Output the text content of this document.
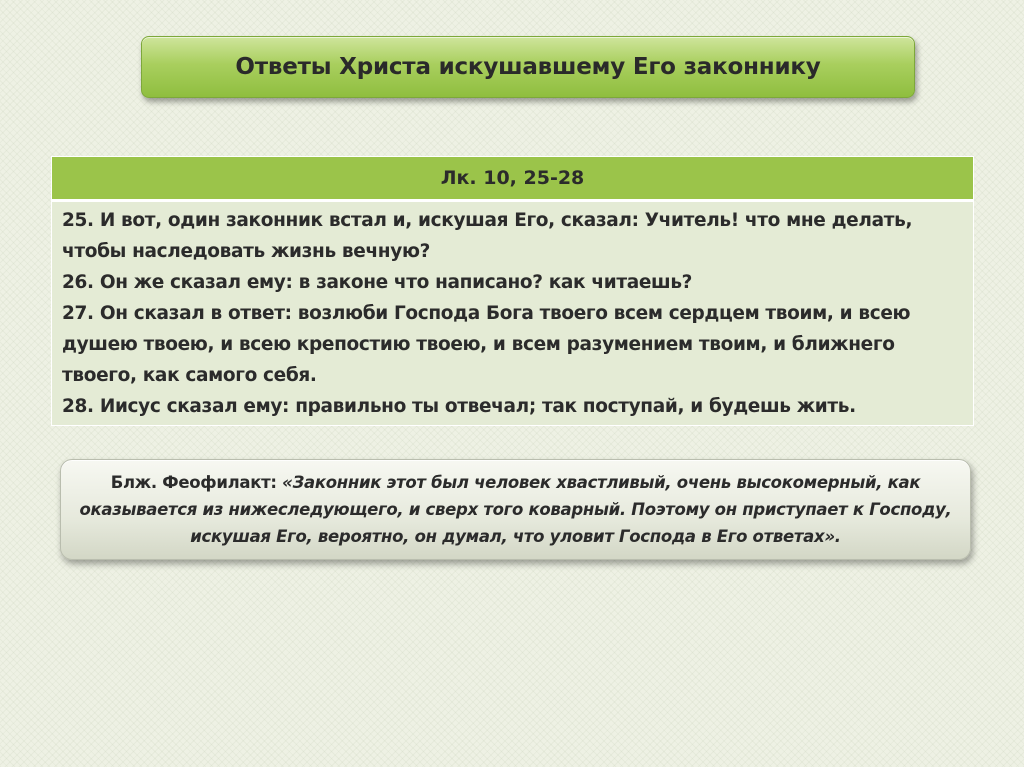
Ответы Христа искушавшему Его законнику
Лк. 10, 25-28

25. И вот, один законник встал и, искушая Его, сказал: Учитель! что мне делать, чтобы наследовать жизнь вечную?

26. Он же сказал ему: в законе что написано? как читаешь?

27. Он сказал в ответ: возлюби Господа Бога твоего всем сердцем твоим, и всею душею твоею, и всею крепостию твоею, и всем разумением твоим, и ближнего твоего, как самого себя.

28. Иисус сказал ему: правильно ты отвечал; так поступай, и будешь жить.

Блж. Феофилакт: «Законник этот был человек хвастливый, очень высокомерный, как оказывается из нижеследующего, и сверх того коварный. Поэтому он приступает к Господу, искушая Его, вероятно, он думал, что уловит Господа в Его ответах».
